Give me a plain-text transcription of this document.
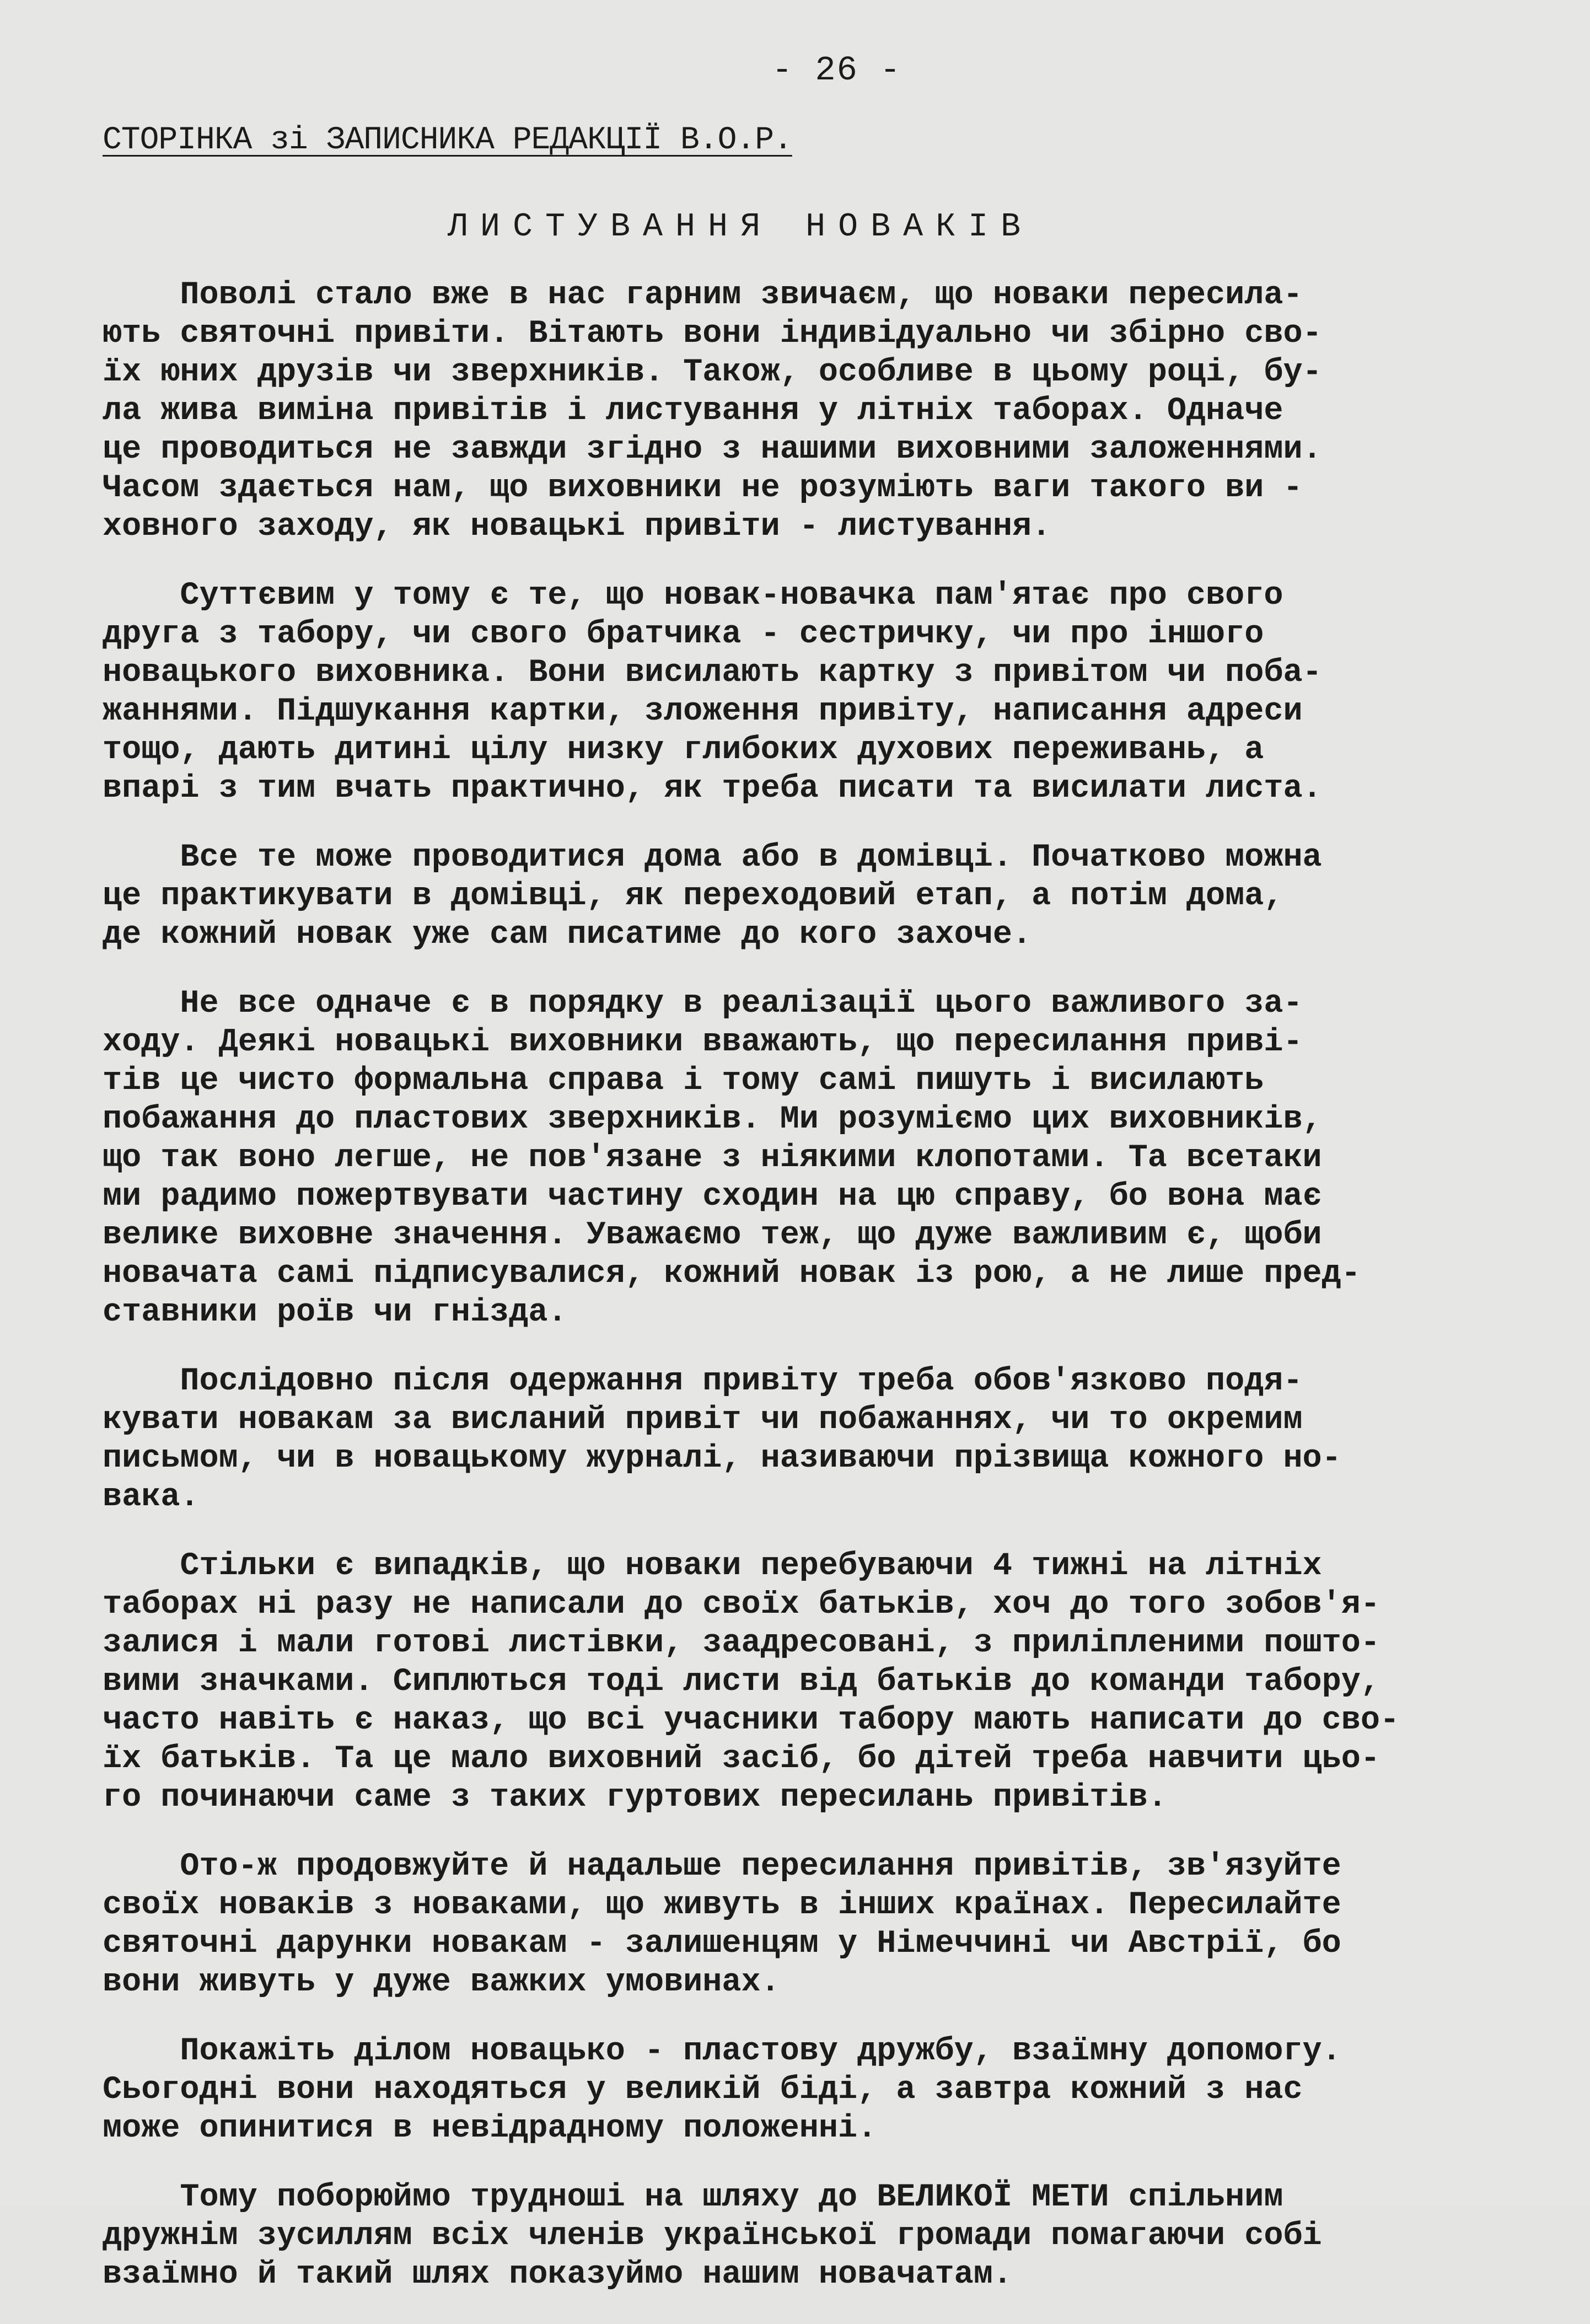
- 26 -
СТОРІНКА зі ЗАПИСНИКА РЕДАКЦІЇ В.О.Р.
ЛИСТУВАННЯ НОВАКІВ
Поволі стало вже в нас гарним звичаєм, що новаки пересила-
ють святочні привіти. Вітають вони індивідуально чи збірно сво-
їх юних друзів чи зверхників. Також, особливе в цьому році, бу-
ла жива виміна привітів і листування у літніх таборах. Одначе
це проводиться не завжди згідно з нашими виховними заложеннями.
Часом здається нам, що виховники не розуміють ваги такого ви -
ховного заходу, як новацькі привіти - листування.
Суттєвим у тому є те, що новак-новачка пам'ятає про свого
друга з табору, чи свого братчика - сестричку, чи про іншого
новацького виховника. Вони висилають картку з привітом чи поба-
жаннями. Підшукання картки, зложення привіту, написання адреси
тощо, дають дитині цілу низку глибоких духових переживань, а
впарі з тим вчать практично, як треба писати та висилати листа.
Все те може проводитися дома або в домівці. Початково можна
це практикувати в домівці, як переходовий етап, а потім дома,
де кожний новак уже сам писатиме до кого захоче.
Не все одначе є в порядку в реалізації цього важливого за-
ходу. Деякі новацькі виховники вважають, що пересилання приві-
тів це чисто формальна справа і тому самі пишуть і висилають
побажання до пластових зверхників. Ми розуміємо цих виховників,
що так воно легше, не пов'язане з ніякими клопотами. Та всетаки
ми радимо пожертвувати частину сходин на цю справу, бо вона має
велике виховне значення. Уважаємо теж, що дуже важливим є, щоби
новачата самі підписувалися, кожний новак із рою, а не лише пред-
ставники роїв чи гнізда.
Послідовно після одержання привіту треба обов'язково подя-
кувати новакам за висланий привіт чи побажаннях, чи то окремим
письмом, чи в новацькому журналі, називаючи прізвища кожного но-
вака.
Стільки є випадків, що новаки перебуваючи 4 тижні на літніх
таборах ні разу не написали до своїх батьків, хоч до того зобов'я-
залися і мали готові листівки, заадресовані, з приліпленими пошто-
вими значками. Сиплються тоді листи від батьків до команди табору,
часто навіть є наказ, що всі учасники табору мають написати до сво-
їх батьків. Та це мало виховний засіб, бо дітей треба навчити цьо-
го починаючи саме з таких гуртових пересилань привітів.
Ото-ж продовжуйте й надальше пересилання привітів, зв'язуйте
своїх новаків з новаками, що живуть в інших країнах. Пересилайте
святочні дарунки новакам - залишенцям у Німеччині чи Австрії, бо
вони живуть у дуже важких умовинах.
Покажіть ділом новацько - пластову дружбу, взаїмну допомогу.
Сьогодні вони находяться у великій біді, а завтра кожний з нас
може опинитися в невідрадному положенні.
Тому поборюймо трудноші на шляху до ВЕЛИКОЇ МЕТИ спільним
дружнім зусиллям всіх членів української громади помагаючи собі
взаїмно й такий шлях показуймо нашим новачатам.
